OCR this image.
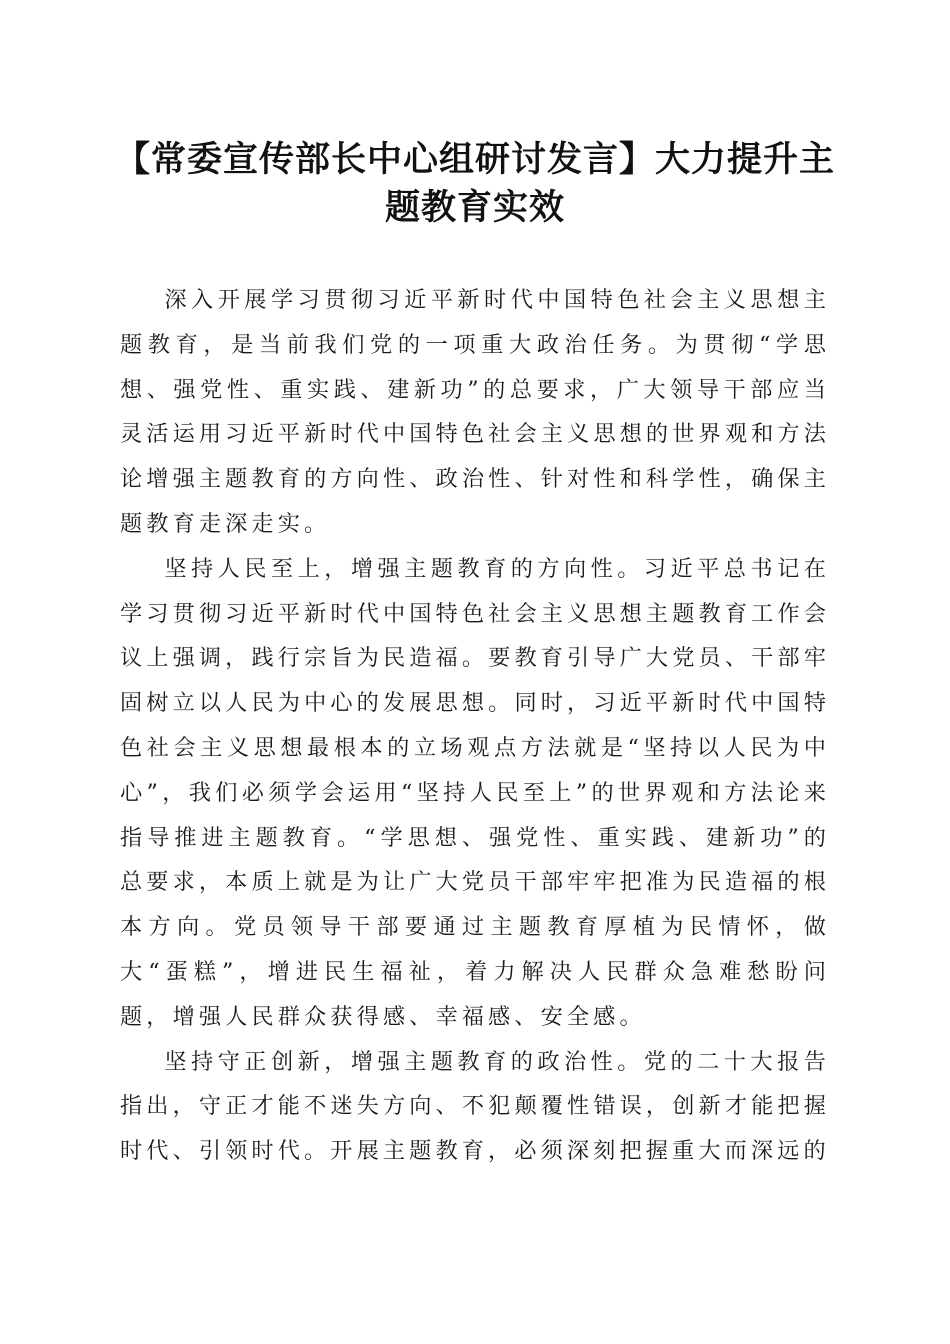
【常委宣传部长中心组研讨发言】大力提升主题教育实效

深入开展学习贯彻习近平新时代中国特色社会主义思想主题教育，是当前我们党的一项重大政治任务。为贯彻“学思想、强党性、重实践、建新功”的总要求，广大领导干部应当灵活运用习近平新时代中国特色社会主义思想的世界观和方法论增强主题教育的方向性、政治性、针对性和科学性，确保主题教育走深走实。

坚持人民至上，增强主题教育的方向性。习近平总书记在学习贯彻习近平新时代中国特色社会主义思想主题教育工作会议上强调，践行宗旨为民造福。要教育引导广大党员、干部牢固树立以人民为中心的发展思想。同时，习近平新时代中国特色社会主义思想最根本的立场观点方法就是“坚持以人民为中心”，我们必须学会运用“坚持人民至上”的世界观和方法论来指导推进主题教育。“学思想、强党性、重实践、建新功”的总要求，本质上就是为让广大党员干部牢牢把准为民造福的根本方向。党员领导干部要通过主题教育厚植为民情怀，做大“蛋糕”，增进民生福祉，着力解决人民群众急难愁盼问题，增强人民群众获得感、幸福感、安全感。

坚持守正创新，增强主题教育的政治性。党的二十大报告指出，守正才能不迷失方向、不犯颠覆性错误，创新才能把握时代、引领时代。开展主题教育，必须深刻把握重大而深远的
